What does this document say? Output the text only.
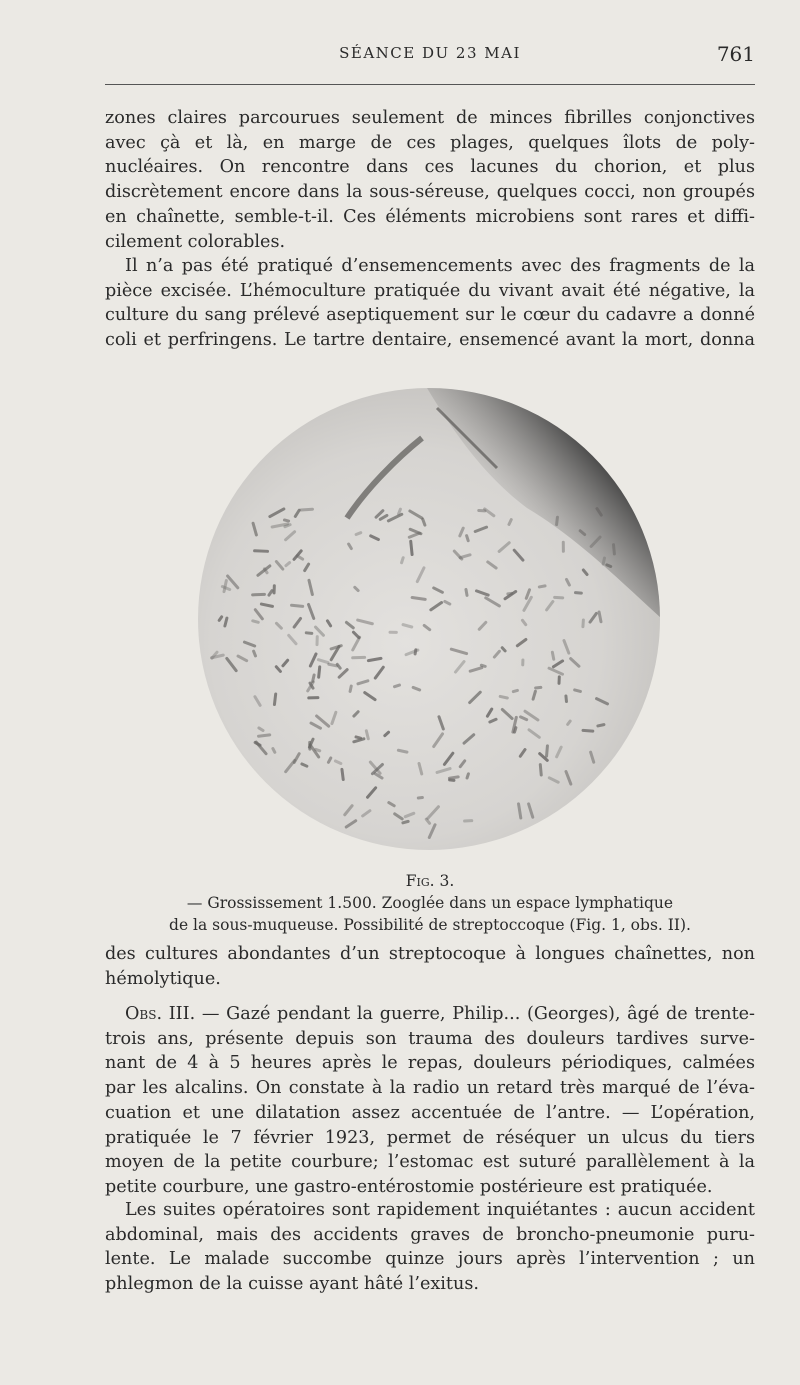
SÉANCE DU 23 MAI	761
zones claires parcourues seulement de minces fibrilles conjonctives
avec çà et là, en marge de ces plages, quelques îlots de poly-
nucléaires. On rencontre dans ces lacunes du chorion, et plus
discrètement encore dans la sous-séreuse, quelques cocci, non groupés
en chaînette, semble-t-il. Ces éléments microbiens sont rares et diffi-
cilement colorables.
Il n’a pas été pratiqué d’ensemencements avec des fragments de la
pièce excisée. L’hémoculture pratiquée du vivant avait été négative, la
culture du sang prélevé aseptiquement sur le cœur du cadavre a donné
coli et perfringens. Le tartre dentaire, ensemencé avant la mort, donna
Fig. 3.
— Grossissement 1.500. Zooglée dans un espace lymphatique
de la sous-muqueuse. Possibilité de streptoccoque (Fig. 1, obs. II).
des cultures abondantes d’un streptocoque à longues chaînettes, non
hémolytique.
Obs. III. — Gazé pendant la guerre, Philip... (Georges), âgé de trente-
trois ans, présente depuis son trauma des douleurs tardives surve-
nant de 4 à 5 heures après le repas, douleurs périodiques, calmées
par les alcalins. On constate à la radio un retard très marqué de l’éva-
cuation et une dilatation assez accentuée de l’antre. — L’opération,
pratiquée le 7 février 1923, permet de réséquer un ulcus du tiers
moyen de la petite courbure; l’estomac est suturé parallèlement à la
petite courbure, une gastro-entérostomie postérieure est pratiquée.
Les suites opératoires sont rapidement inquiétantes : aucun accident
abdominal, mais des accidents graves de broncho-pneumonie puru-
lente. Le malade succombe quinze jours après l’intervention ; un
phlegmon de la cuisse ayant hâté l’exitus.
